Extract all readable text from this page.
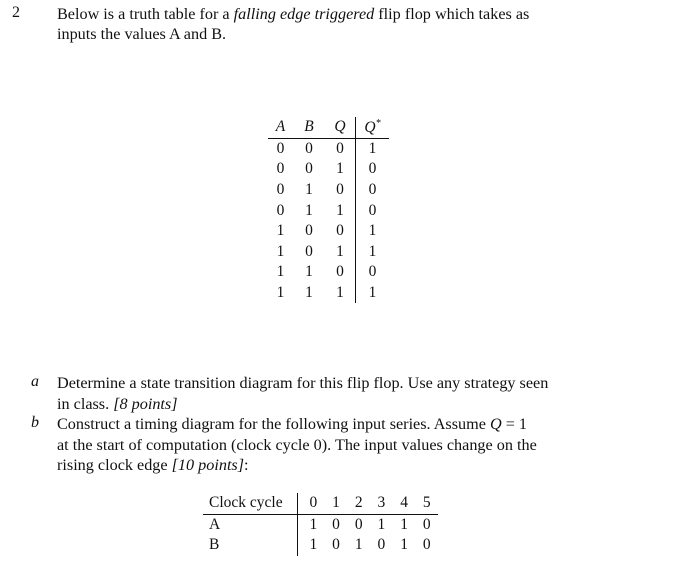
2 Below is a truth table for a falling edge triggered flip flop which takes as
inputs the values A and B.
A	B	Q	Q*
0	0	0	1
0	0	1	0
0	1	0	0
0	1	1	0
1	0	0	1
1	0	1	1
1	1	0	0
1	1	1	1
a Determine a state transition diagram for this flip flop. Use any strategy seen
in class. [8 points]
b Construct a timing diagram for the following input series. Assume Q = 1
at the start of computation (clock cycle 0). The input values change on the
rising clock edge [10 points]:
Clock cycle	0	1	2	3	4	5
A	1	0	0	1	1	0
B	1	0	1	0	1	0
